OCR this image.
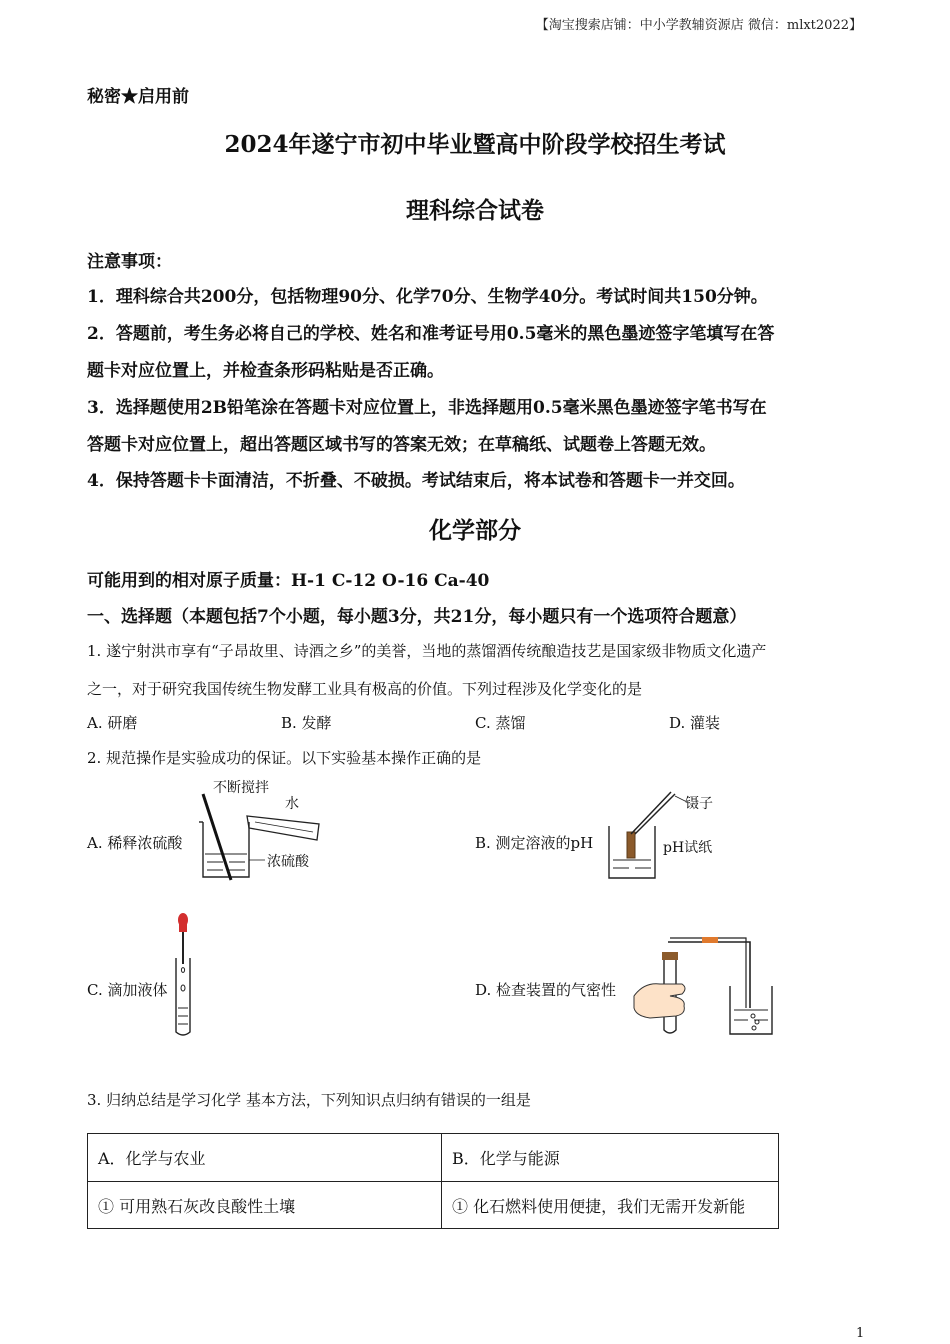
【淘宝搜索店铺：中小学教辅资源店 微信：mlxt2022】
秘密★启用前
2024年遂宁市初中毕业暨高中阶段学校招生考试
理科综合试卷
注意事项：
1．理科综合共200分，包括物理90分、化学70分、生物学40分。考试时间共150分钟。
2．答题前，考生务必将自己的学校、姓名和准考证号用0.5毫米的黑色墨迹签字笔填写在答
题卡对应位置上，并检查条形码粘贴是否正确。
3．选择题使用2B铅笔涂在答题卡对应位置上，非选择题用0.5毫米黑色墨迹签字笔书写在
答题卡对应位置上，超出答题区域书写的答案无效；在草稿纸、试题卷上答题无效。
4．保持答题卡卡面清洁，不折叠、不破损。考试结束后，将本试卷和答题卡一并交回。
化学部分
可能用到的相对原子质量：H-1 C-12 O-16 Ca-40
一、选择题（本题包括7个小题，每小题3分，共21分，每小题只有一个选项符合题意）
1. 遂宁射洪市享有“子昂故里、诗酒之乡”的美誉，当地的蒸馏酒传统酿造技艺是国家级非物质文化遗产
之一，对于研究我国传统生物发酵工业具有极高的价值。下列过程涉及化学变化的是
A. 研磨	B. 发酵	C. 蒸馏	D. 灌装
2. 规范操作是实验成功的保证。以下实验基本操作正确的是
A. 稀释浓硫酸
不断搅拌
水
浓硫酸
B. 测定溶液的pH
镊子
pH试纸
C. 滴加液体	D. 检查装置的气密性
3. 归纳总结是学习化学 基本方法，下列知识点归纳有错误的一组是
A．化学与农业	B．化学与能源
① 可用熟石灰改良酸性土壤	① 化石燃料使用便捷，我们无需开发新能
1
